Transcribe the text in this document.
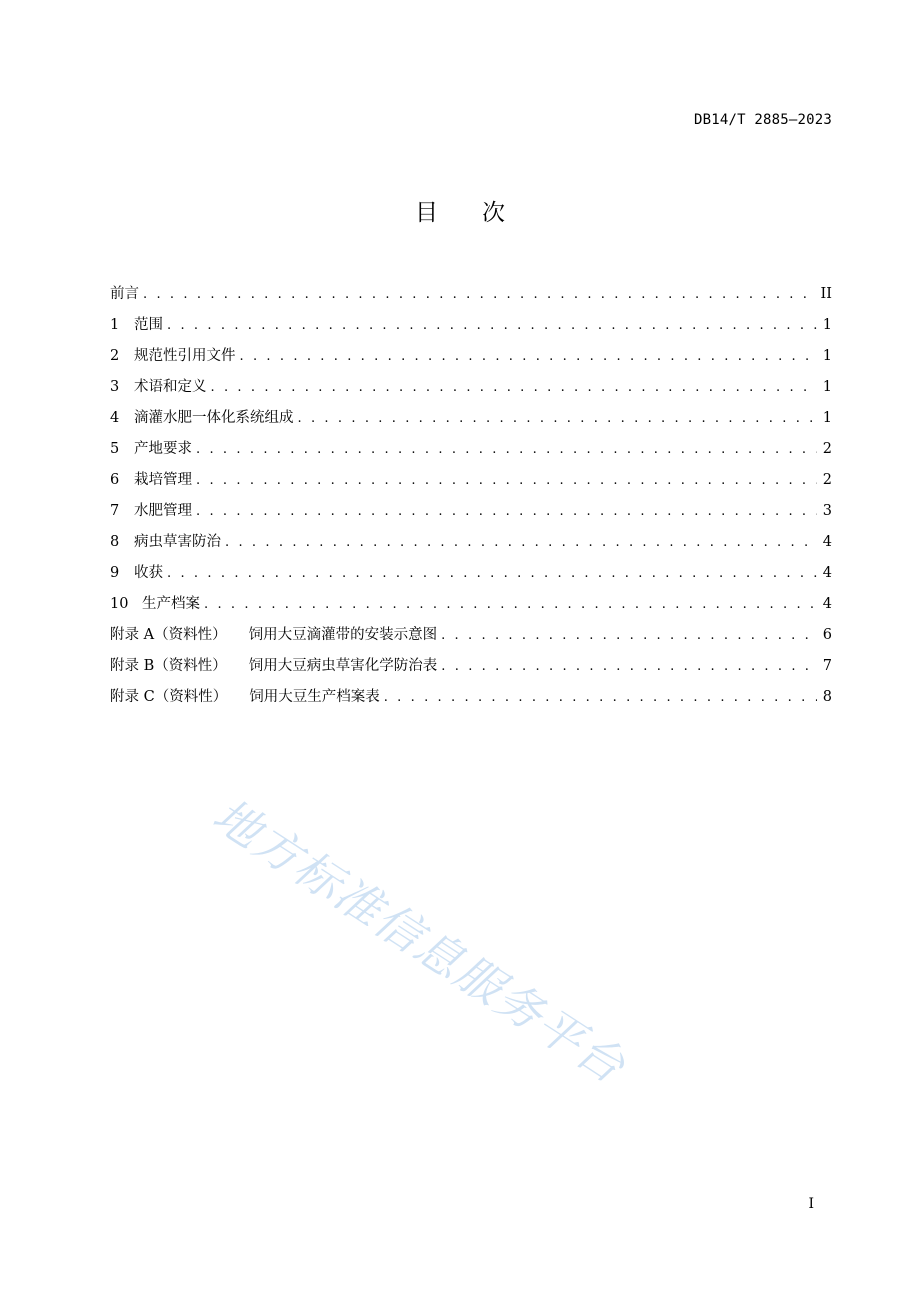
DB14/T 2885—2023
目 次
前言 . . .	II
1	范围 . . .	1
2	规范性引用文件 . . .	1
3	术语和定义 . . .	1
4	滴灌水肥一体化系统组成 . . .	1
5	产地要求 . . .	2
6	栽培管理 . . .	2
7	水肥管理 . . .	3
8	病虫草害防治 . . .	4
9	收获 . . .	4
10 生产档案 . . .	4
附录 A（资料性） 饲用大豆滴灌带的安装示意图 . . .	6
附录 B（资料性） 饲用大豆病虫草害化学防治表 . . .	7
附录 C（资料性） 饲用大豆生产档案表 . . .	8
地方标准信息服务平台
I
